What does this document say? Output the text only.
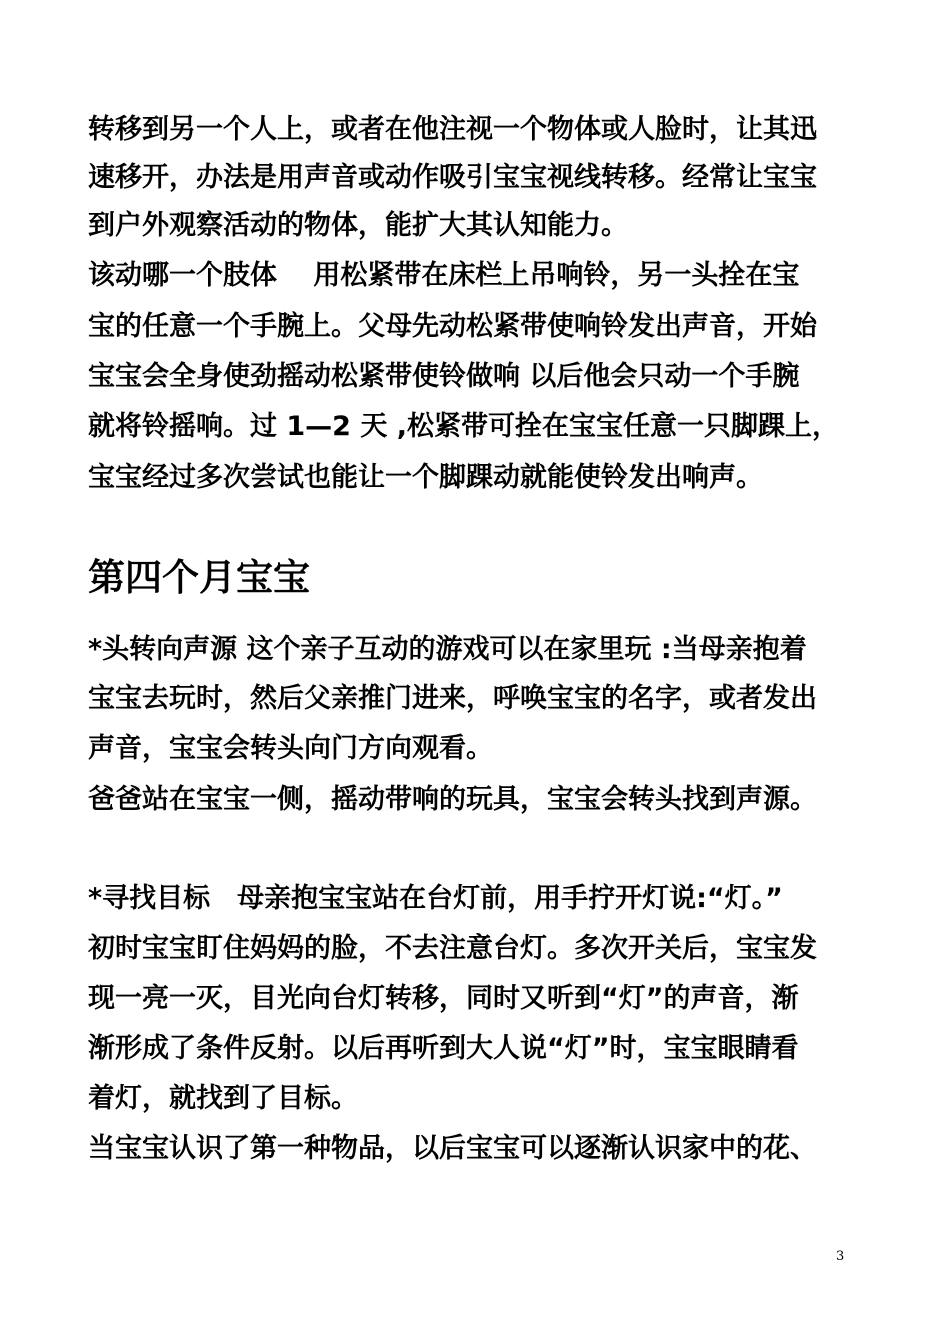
转移到另一个人上，或者在他注视一个物体或人脸时，让其迅
速移开，办法是用声音或动作吸引宝宝视线转移。经常让宝宝
到户外观察活动的物体，能扩大其认知能力。
该动哪一个肢体　 用松紧带在床栏上吊响铃，另一头拴在宝
宝的任意一个手腕上。父母先动松紧带使响铃发出声音，开始
宝宝会全身使劲摇动松紧带使铃做响 以后他会只动一个手腕
就将铃摇响。过 1—2 天 ,松紧带可拴在宝宝任意一只脚踝上，
宝宝经过多次尝试也能让一个脚踝动就能使铃发出响声。
第四个月宝宝
*头转向声源 这个亲子互动的游戏可以在家里玩 :当母亲抱着
宝宝去玩时，然后父亲推门进来，呼唤宝宝的名字，或者发出
声音，宝宝会转头向门方向观看。
爸爸站在宝宝一侧，摇动带响的玩具，宝宝会转头找到声源。
*寻找目标　母亲抱宝宝站在台灯前，用手拧开灯说:“灯。”
初时宝宝盯住妈妈的脸，不去注意台灯。多次开关后，宝宝发
现一亮一灭，目光向台灯转移，同时又听到“灯”的声音，渐
渐形成了条件反射。以后再听到大人说“灯”时，宝宝眼睛看
着灯，就找到了目标。
当宝宝认识了第一种物品，以后宝宝可以逐渐认识家中的花、
3
